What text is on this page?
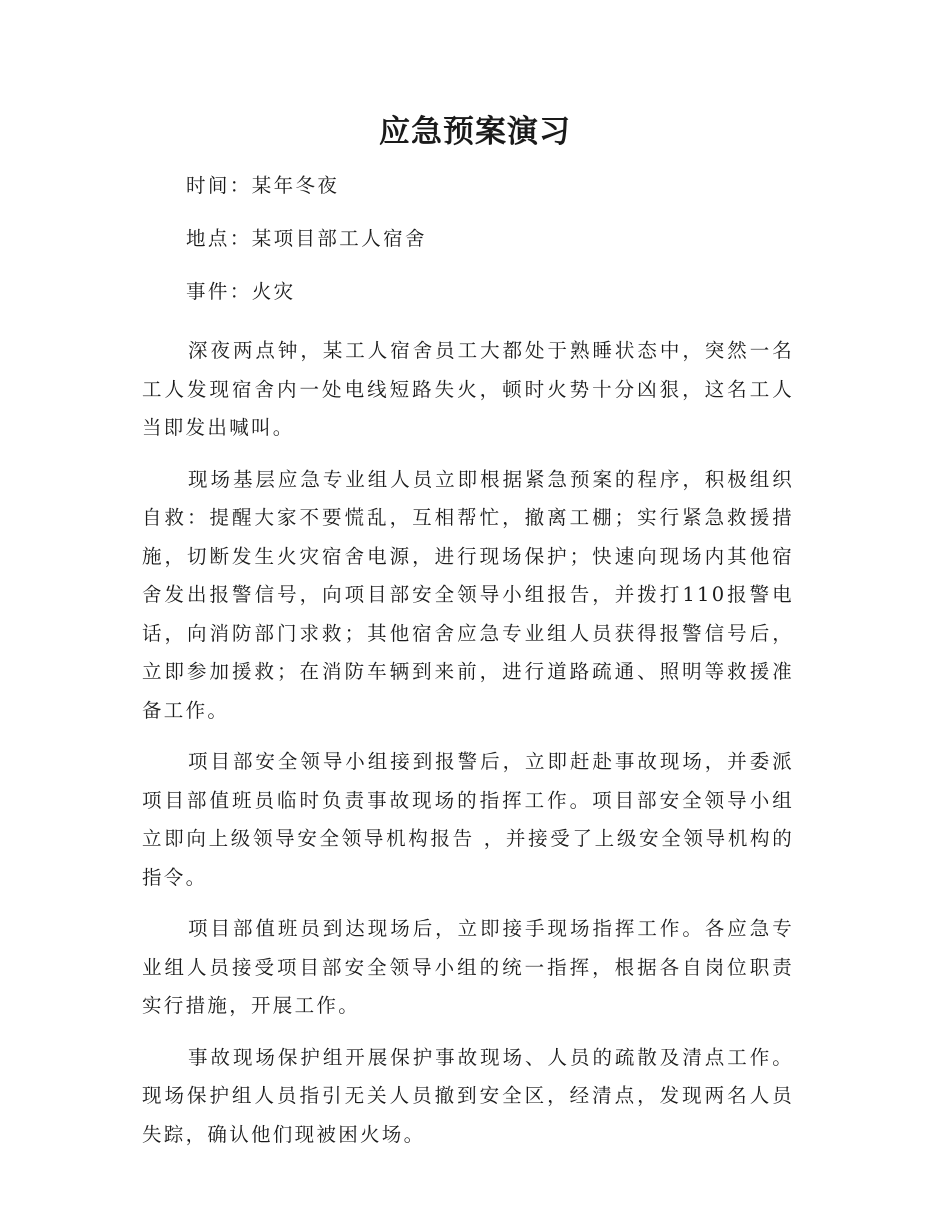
应急预案演习

时间：某年冬夜

地点：某项目部工人宿舍

事件：火灾

深夜两点钟，某工人宿舍员工大都处于熟睡状态中，突然一名工人发现宿舍内一处电线短路失火，顿时火势十分凶狠，这名工人当即发出喊叫。

现场基层应急专业组人员立即根据紧急预案的程序，积极组织自救：提醒大家不要慌乱，互相帮忙，撤离工棚；实行紧急救援措施，切断发生火灾宿舍电源，进行现场保护；快速向现场内其他宿舍发出报警信号，向项目部安全领导小组报告，并拨打110报警电话，向消防部门求救；其他宿舍应急专业组人员获得报警信号后，立即参加援救；在消防车辆到来前，进行道路疏通、照明等救援准备工作。

项目部安全领导小组接到报警后，立即赶赴事故现场，并委派项目部值班员临时负责事故现场的指挥工作。项目部安全领导小组立即向上级领导安全领导机构报告 ，并接受了上级安全领导机构的指令。

项目部值班员到达现场后，立即接手现场指挥工作。各应急专业组人员接受项目部安全领导小组的统一指挥，根据各自岗位职责实行措施，开展工作。

事故现场保护组开展保护事故现场、人员的疏散及清点工作。现场保护组人员指引无关人员撤到安全区，经清点，发现两名人员失踪，确认他们现被困火场。
